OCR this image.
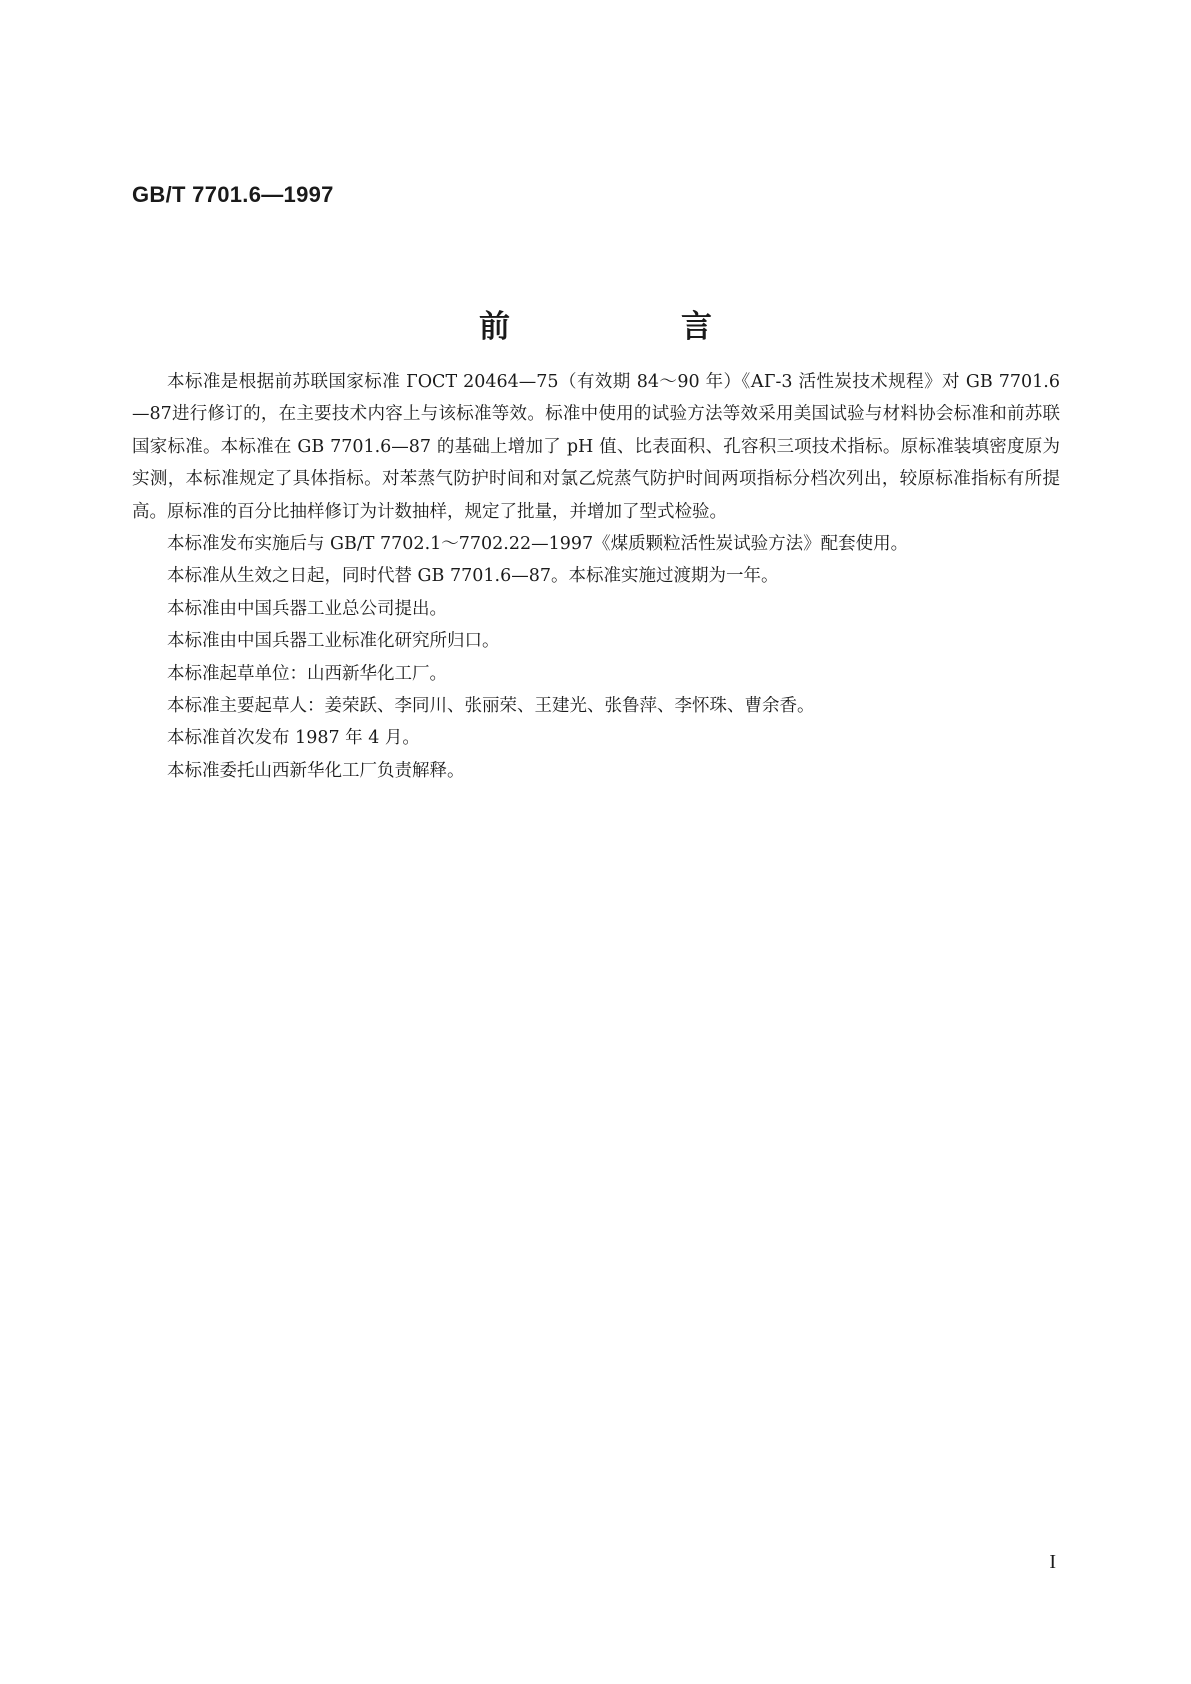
GB/T 7701.6—1997
前　言

本标准是根据前苏联国家标准 ГОСТ 20464—75（有效期 84～90 年）《АГ-3 活性炭技术规程》对 GB 7701.6—87进行修订的，在主要技术内容上与该标准等效。标准中使用的试验方法等效采用美国试验与材料协会标准和前苏联国家标准。本标准在 GB 7701.6—87 的基础上增加了 pH 值、比表面积、孔容积三项技术指标。原标准装填密度原为实测，本标准规定了具体指标。对苯蒸气防护时间和对氯乙烷蒸气防护时间两项指标分档次列出，较原标准指标有所提高。原标准的百分比抽样修订为计数抽样，规定了批量，并增加了型式检验。

本标准发布实施后与 GB/T 7702.1～7702.22—1997《煤质颗粒活性炭试验方法》配套使用。

本标准从生效之日起，同时代替 GB 7701.6—87。本标准实施过渡期为一年。

本标准由中国兵器工业总公司提出。

本标准由中国兵器工业标准化研究所归口。

本标准起草单位：山西新华化工厂。

本标准主要起草人：姜荣跃、李同川、张丽荣、王建光、张鲁萍、李怀珠、曹余香。

本标准首次发布 1987 年 4 月。

本标准委托山西新华化工厂负责解释。

I
